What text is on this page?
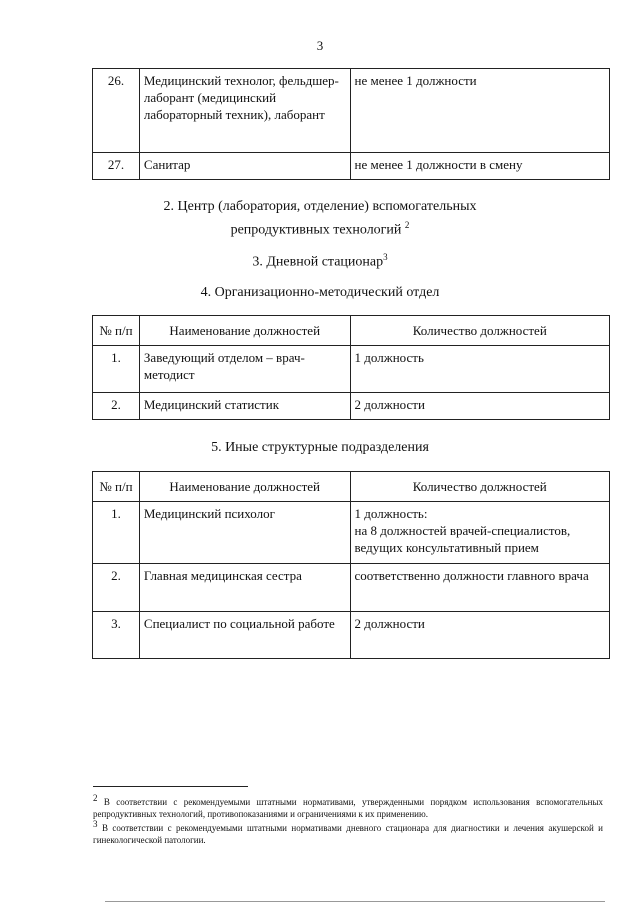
3
26.	Медицинский технолог, фельдшер-лаборант (медицинский лабораторный техник), лаборант	не менее 1 должности
27.	Санитар	не менее 1 должности в смену
2. Центр (лаборатория, отделение) вспомогательных
репродуктивных технологий $^2$
3. Дневной стационар$^3$
4. Организационно-методический отдел
№ п/п	Наименование должностей	Количество должностей
1.	Заведующий отделом – врач-методист	1 должность
2.	Медицинский статистик	2 должности
5. Иные структурные подразделения
№ п/п	Наименование должностей	Количество должностей
1.	Медицинский психолог	1 должность:
на 8 должностей врачей-специалистов, ведущих консультативный прием

2.	Главная медицинская сестра	соответственно должности главного врача
3.	Специалист по социальной работе	2 должности
$^2$ В соответствии с рекомендуемыми штатными нормативами, утвержденными порядком использования вспомогательных репродуктивных технологий, противопоказаниями и ограничениями к их применению.
$^3$ В соответствии с рекомендуемыми штатными нормативами дневного стационара для диагностики и лечения акушерской и гинекологической патологии.
